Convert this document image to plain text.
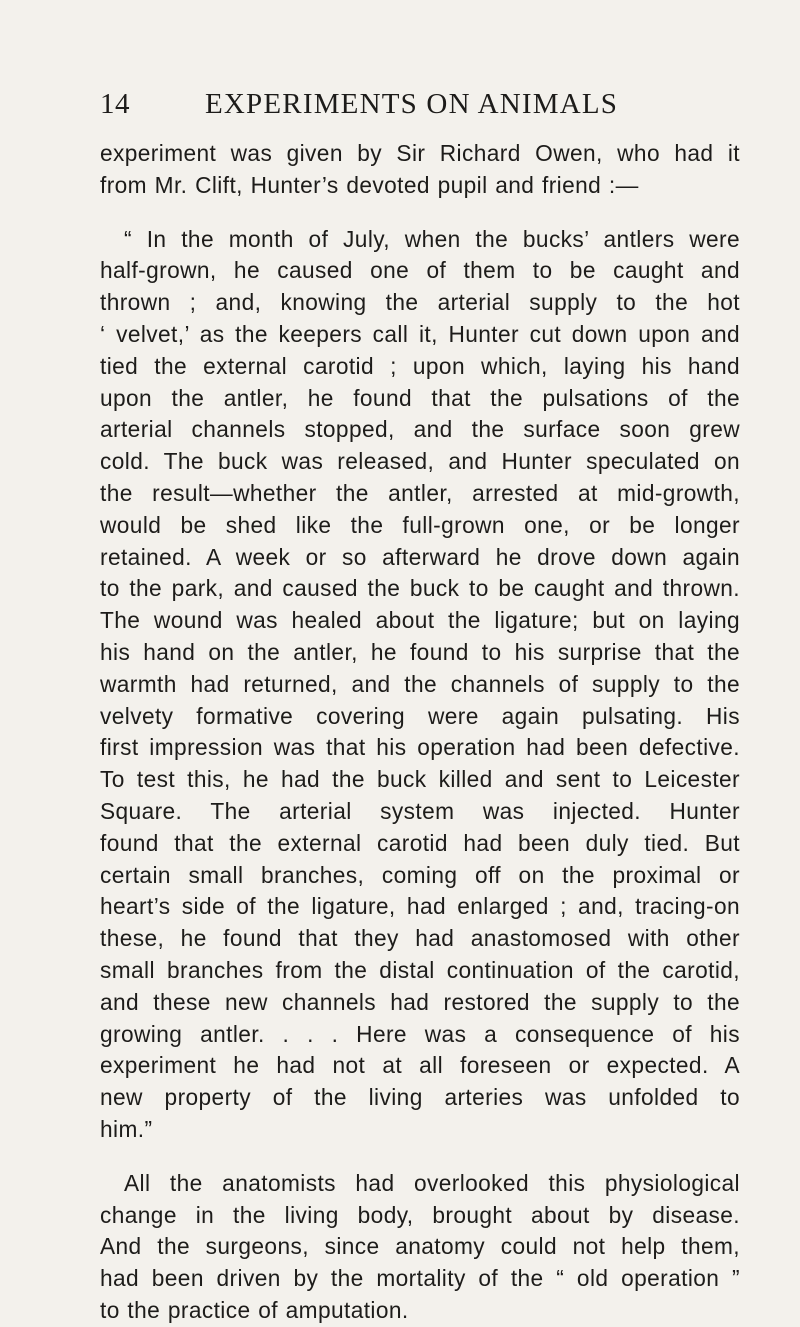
14	EXPERIMENTS ON ANIMALS
experiment was given by Sir Richard Owen, who had it
from Mr. Clift, Hunter’s devoted pupil and friend :—
“ In the month of July, when the bucks’ antlers were
half-grown, he caused one of them to be caught and
thrown ; and, knowing the arterial supply to the hot
‘ velvet,’ as the keepers call it, Hunter cut down upon and
tied the external carotid ; upon which, laying his hand
upon the antler, he found that the pulsations of the
arterial channels stopped, and the surface soon grew
cold. The buck was released, and Hunter speculated on
the result—whether the antler, arrested at mid-growth,
would be shed like the full-grown one, or be longer
retained. A week or so afterward he drove down again
to the park, and caused the buck to be caught and thrown.
The wound was healed about the ligature; but on laying
his hand on the antler, he found to his surprise that the
warmth had returned, and the channels of supply to the
velvety formative covering were again pulsating. His
first impression was that his operation had been defective.
To test this, he had the buck killed and sent to Leicester
Square. The arterial system was injected. Hunter
found that the external carotid had been duly tied. But
certain small branches, coming off on the proximal or
heart’s side of the ligature, had enlarged ; and, tracing-on
these, he found that they had anastomosed with other
small branches from the distal continuation of the carotid,
and these new channels had restored the supply to the
growing antler. . . . Here was a consequence of his
experiment he had not at all foreseen or expected. A
new property of the living arteries was unfolded to
him.”
All the anatomists had overlooked this physiological
change in the living body, brought about by disease.
And the surgeons, since anatomy could not help them,
had been driven by the mortality of the “ old operation ”
to the practice of amputation.
